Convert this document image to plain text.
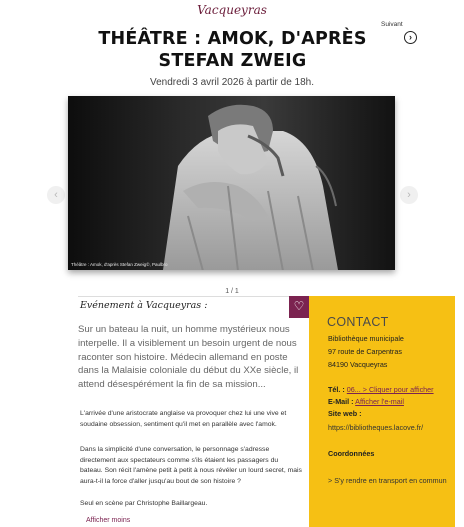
Vacqueyras
Suivant
›
THÉÂTRE : AMOK, D'APRÈS STEFAN ZWEIG
Vendredi 3 avril 2026 à partir de 18h.
‹	›
Théâtre : Amok, d'après Stefan Zweig©, Paulbro
1 / 1
Evénement à Vacqueyras :	♡

Sur un bateau la nuit, un homme mystérieux nous interpelle. Il a visiblement un besoin urgent de nous raconter son histoire. Médecin allemand en poste dans la Malaisie coloniale du début du XXe siècle, il attend désespérément la fin de sa mission...

L'arrivée d'une aristocrate anglaise va provoquer chez lui une vive et soudaine obsession, sentiment qu'il met en parallèle avec l'amok.

Dans la simplicité d'une conversation, le personnage s'adresse directement aux spectateurs comme s'ils étaient les passagers du bateau. Son récit l'amène petit à petit à nous révéler un lourd secret, mais aura-t-il la force d'aller jusqu'au bout de son histoire ?

Seul en scène par Christophe Baillargeau.

Afficher moins
CONTACT
Bibliothèque municipale
97 route de Carpentras
84190 Vacqueyras
Tél. : 06... > Cliquer pour afficher
E-Mail : Afficher l'e-mail
Site web :
https://bibliotheques.lacove.fr/
Coordonnées
> S'y rendre en transport en commun
